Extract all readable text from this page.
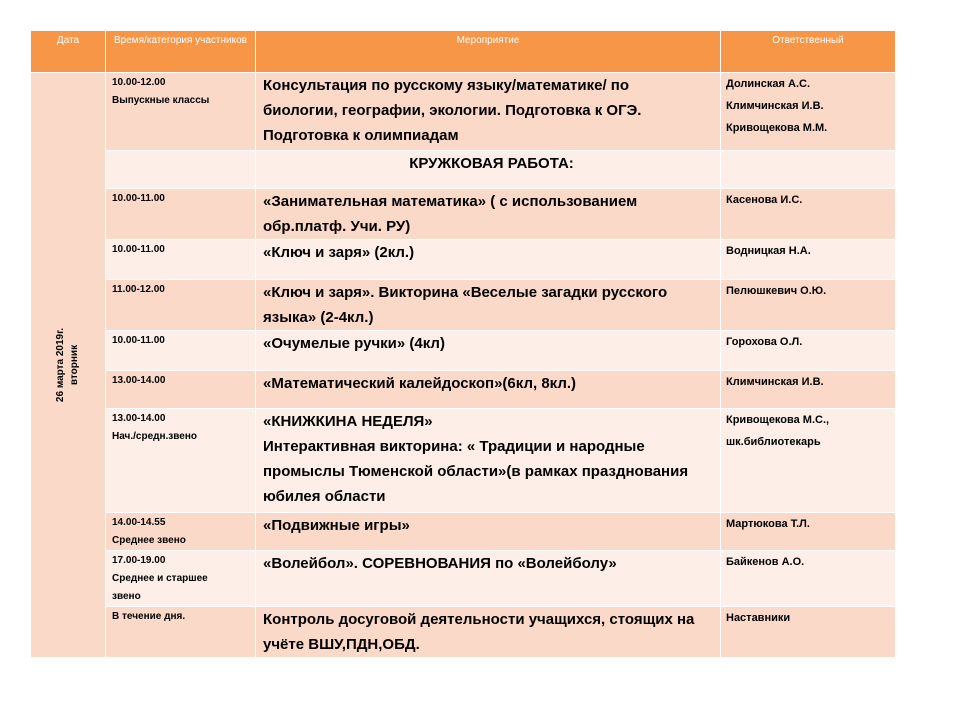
Дата	Время/категория участников	Мероприятие	Ответственный

26 марта 2019г. вторник	10.00-12.00
Выпускные классы	Консультация по русскому языку/математике/ по
биологии, географии, экологии. Подготовка к ОГЭ.
Подготовка к олимпиадам	Долинская А.С.
Климчинская И.В.
Кривощекова М.М.

		КРУЖКОВАЯ РАБОТА:	

	10.00-11.00	«Занимательная математика» ( с использованием
обр.платф. Учи. РУ)	Касенова И.С.

	10.00-11.00	«Ключ и заря» (2кл.)	Водницкая Н.А.

	11.00-12.00	«Ключ и заря». Викторина «Веселые загадки русского
языка» (2-4кл.)	Пелюшкевич О.Ю.

	10.00-11.00	«Очумелые ручки» (4кл)	Горохова О.Л.

	13.00-14.00	«Математический калейдоскоп»(6кл, 8кл.)	Климчинская И.В.

	13.00-14.00
Нач./средн.звено	«КНИЖКИНА НЕДЕЛЯ»
Интерактивная викторина: « Традиции и народные
промыслы Тюменской области»(в рамках празднования
юбилея области	Кривощекова М.С.,
шк.библиотекарь

	14.00-14.55
Среднее звено	«Подвижные игры»	Мартюкова Т.Л.

	17.00-19.00
Среднее и старшее
звено	«Волейбол». СОРЕВНОВАНИЯ по «Волейболу»	Байкенов А.О.

	В течение дня.	Контроль досуговой деятельности учащихся, стоящих на
учёте ВШУ,ПДН,ОБД.	Наставники
